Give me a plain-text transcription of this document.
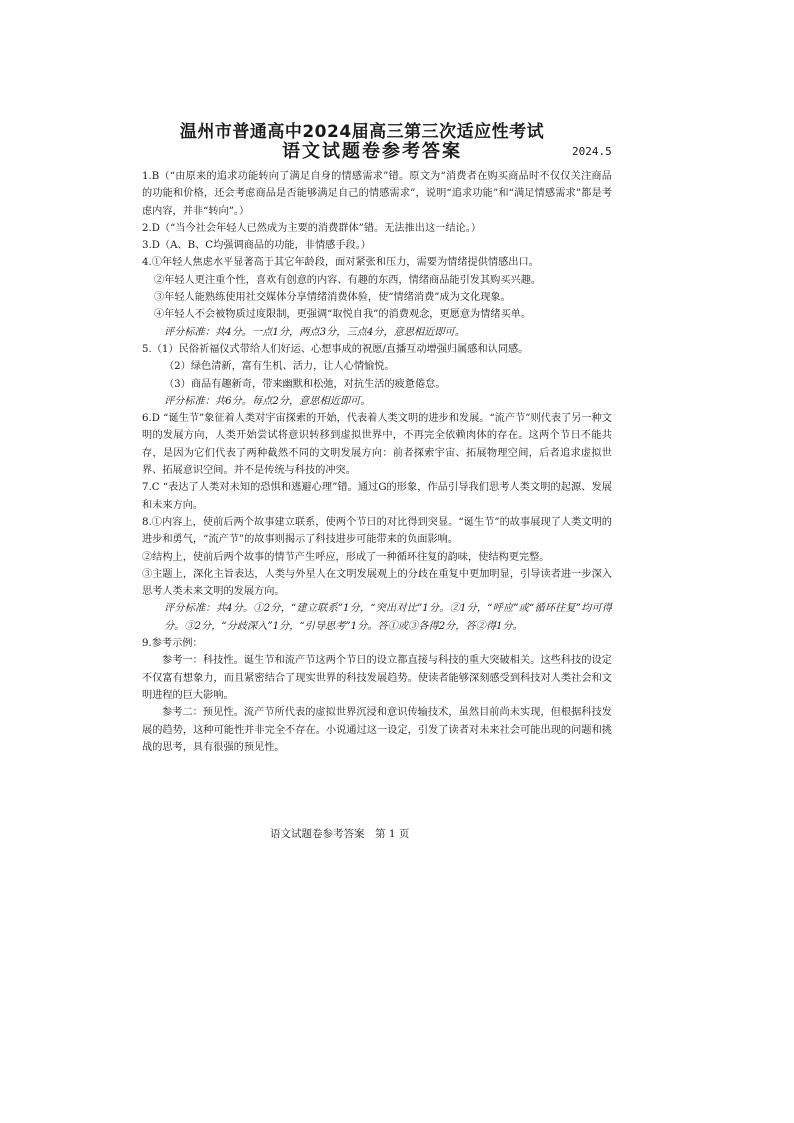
温州市普通高中2024届高三第三次适应性考试
语文试题卷参考答案	2024.5

1.B（“由原来的追求功能转向了满足自身的情感需求”错。原文为“消费者在购买商品时不仅仅关注商品的功能和价格，还会考虑商品是否能够满足自己的情感需求”，说明“追求功能”和“满足情感需求”都是考虑内容，并非“转向”。）

2.D（“当今社会年轻人已然成为主要的消费群体”错。无法推出这一结论。）

3.D（A、B、C均强调商品的功能，非情感手段。）

4.①年轻人焦虑水平显著高于其它年龄段，面对紧张和压力，需要为情绪提供情感出口。

②年轻人更注重个性，喜欢有创意的内容、有趣的东西，情绪商品能引发其购买兴趣。

③年轻人能熟练使用社交媒体分享情绪消费体验，使“情绪消费”成为文化现象。

④年轻人不会被物质过度限制，更强调“取悦自我”的消费观念，更愿意为情绪买单。

评分标准：共4分。一点1分，两点3分，三点4分，意思相近即可。

5.（1）民俗祈福仪式带给人们好运、心想事成的祝愿/直播互动增强归属感和认同感。

（2）绿色清新，富有生机、活力，让人心情愉悦。

（3）商品有趣新奇，带来幽默和松弛，对抗生活的疲惫倦怠。

评分标准：共6分。每点2分，意思相近即可。

6.D “诞生节”象征着人类对宇宙探索的开始，代表着人类文明的进步和发展。“流产节”则代表了另一种文明的发展方向，人类开始尝试将意识转移到虚拟世界中，不再完全依赖肉体的存在。这两个节日不能共存，是因为它们代表了两种截然不同的文明发展方向：前者探索宇宙、拓展物理空间，后者追求虚拟世界、拓展意识空间。并不是传统与科技的冲突。

7.C “表达了人类对未知的恐惧和逃避心理”错。通过G的形象，作品引导我们思考人类文明的起源、发展和未来方向。

8.①内容上，使前后两个故事建立联系，使两个节日的对比得到突显。“诞生节”的故事展现了人类文明的进步和勇气，“流产节”的故事则揭示了科技进步可能带来的负面影响。

②结构上，使前后两个故事的情节产生呼应，形成了一种循环往复的韵味，使结构更完整。

③主题上，深化主旨表达，人类与外星人在文明发展观上的分歧在重复中更加明显，引导读者进一步深入思考人类未来文明的发展方向。

评分标准：共4分。①2分，“建立联系”1分，“突出对比”1分。②1分，“呼应”或“循环往复”均可得分。③2分，“分歧深入”1分，“引导思考”1分。答①或③各得2分，答②得1分。

9.参考示例：

参考一：科技性。诞生节和流产节这两个节日的设立都直接与科技的重大突破相关。这些科技的设定不仅富有想象力，而且紧密结合了现实世界的科技发展趋势。使读者能够深刻感受到科技对人类社会和文明进程的巨大影响。

参考二：预见性。流产节所代表的虚拟世界沉浸和意识传输技术，虽然目前尚未实现，但根据科技发展的趋势，这种可能性并非完全不存在。小说通过这一设定，引发了读者对未来社会可能出现的问题和挑战的思考，具有很强的预见性。

语文试题卷参考答案　第 1 页
